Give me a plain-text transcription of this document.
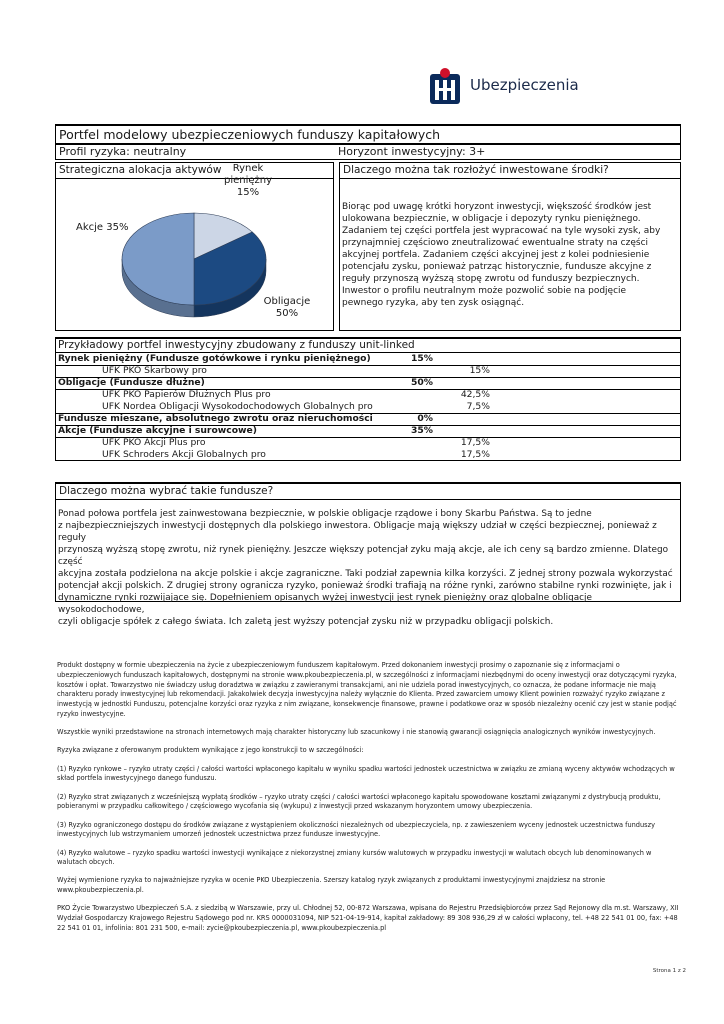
Ubezpieczenia
Portfel modelowy ubezpieczeniowych funduszy kapitałowych
Profil ryzyka: neutralny	Horyzont inwestycyjny: 3+
Strategiczna alokacja aktywów	Rynek
pieniężny
15%
Akcje 35%
Obligacje
50%
Dlaczego można tak rozłożyć inwestowane środki?
Biorąc pod uwagę krótki horyzont inwestycji, większość środków jest
ulokowana bezpiecznie, w obligacje i depozyty rynku pieniężnego.
Zadaniem tej części portfela jest wypracować na tyle wysoki zysk, aby
przynajmniej częściowo zneutralizować ewentualne straty na części
akcyjnej portfela. Zadaniem części akcyjnej jest z kolei podniesienie
potencjału zysku, ponieważ patrząc historycznie, fundusze akcyjne z
reguły przynoszą wyższą stopę zwrotu od funduszy bezpiecznych.
Inwestor o profilu neutralnym może pozwolić sobie na podjęcie
pewnego ryzyka, aby ten zysk osiągnąć.
Przykładowy portfel inwestycyjny zbudowany z funduszy unit-linked
Rynek pieniężny (Fundusze gotówkowe i rynku pieniężnego)	15%
UFK PKO Skarbowy pro	15%
Obligacje (Fundusze dłużne)	50%
UFK PKO Papierów Dłużnych Plus pro	42,5%
UFK Nordea Obligacji Wysokodochodowych Globalnych pro	7,5%
Fundusze mieszane, absolutnego zwrotu oraz nieruchomości	0%
Akcje (Fundusze akcyjne i surowcowe)	35%
UFK PKO Akcji Plus pro	17,5%
UFK Schroders Akcji Globalnych pro	17,5%
Dlaczego można wybrać takie fundusze?
Ponad połowa portfela jest zainwestowana bezpiecznie, w polskie obligacje rządowe i bony Skarbu Państwa. Są to jedne
z najbezpieczniejszych inwestycji dostępnych dla polskiego inwestora. Obligacje mają większy udział w części bezpiecznej, ponieważ z reguły
przynoszą wyższą stopę zwrotu, niż rynek pieniężny. Jeszcze większy potencjał zyku mają akcje, ale ich ceny są bardzo zmienne. Dlatego część
akcyjna została podzielona na akcje polskie i akcje zagraniczne. Taki podział zapewnia kilka korzyści. Z jednej strony pozwala wykorzystać
potencjał akcji polskich. Z drugiej strony ogranicza ryzyko, ponieważ środki trafiają na różne rynki, zarówno stabilne rynki rozwinięte, jak i
dynamiczne rynki rozwijające się. Dopełnieniem opisanych wyżej inwestycji jest rynek pieniężny oraz globalne obligacje wysokodochodowe,
czyli obligacje spółek z całego świata. Ich zaletą jest wyższy potencjał zysku niż w przypadku obligacji polskich.

Produkt dostępny w formie ubezpieczenia na życie z ubezpieczeniowym funduszem kapitałowym. Przed dokonaniem inwestycji prosimy o zapoznanie się z informacjami o ubezpieczeniowych funduszach kapitałowych, dostępnymi na stronie www.pkoubezpieczenia.pl, w szczególności z informacjami niezbędnymi do oceny inwestycji oraz dotyczącymi ryzyka, kosztów i opłat. Towarzystwo nie świadczy usług doradztwa w związku z zawieranymi transakcjami, ani nie udziela porad inwestycyjnych, co oznacza, że podane informacje nie mają charakteru porady inwestycyjnej lub rekomendacji. Jakakolwiek decyzja inwestycyjna należy wyłącznie do Klienta. Przed zawarciem umowy Klient powinien rozważyć ryzyko związane z inwestycją w jednostki Funduszu, potencjalne korzyści oraz ryzyka z nim związane, konsekwencje finansowe, prawne i podatkowe oraz w sposób niezależny ocenić czy jest w stanie podjąć ryzyko inwestycyjne.

Wszystkie wyniki przedstawione na stronach internetowych mają charakter historyczny lub szacunkowy i nie stanowią gwarancji osiągnięcia analogicznych wyników inwestycyjnych.

Ryzyka związane z oferowanym produktem wynikające z jego konstrukcji to w szczególności:

(1) Ryzyko rynkowe – ryzyko utraty części / całości wartości wpłaconego kapitału w wyniku spadku wartości jednostek uczestnictwa w związku ze zmianą wyceny aktywów wchodzących w skład portfela inwestycyjnego danego funduszu.

(2) Ryzyko strat związanych z wcześniejszą wypłatą środków – ryzyko utraty części / całości wartości wpłaconego kapitału spowodowane kosztami związanymi z dystrybucją produktu, pobieranymi w przypadku całkowitego / częściowego wycofania się (wykupu) z inwestycji przed wskazanym horyzontem umowy ubezpieczenia.

(3) Ryzyko ograniczonego dostępu do środków związane z wystąpieniem okoliczności niezależnych od ubezpieczyciela, np. z zawieszeniem wyceny jednostek uczestnictwa funduszy inwestycyjnych lub wstrzymaniem umorzeń jednostek uczestnictwa przez fundusze inwestycyjne.

(4) Ryzyko walutowe – ryzyko spadku wartości inwestycji wynikające z niekorzystnej zmiany kursów walutowych w przypadku inwestycji w walutach obcych lub denominowanych w walutach obcych.

Wyżej wymienione ryzyka to najważniejsze ryzyka w ocenie PKO Ubezpieczenia. Szerszy katalog ryzyk związanych z produktami inwestycyjnymi znajdziesz na stronie www.pkoubezpieczenia.pl.

PKO Życie Towarzystwo Ubezpieczeń S.A. z siedzibą w Warszawie, przy ul. Chłodnej 52, 00-872 Warszawa, wpisana do Rejestru Przedsiębiorców przez Sąd Rejonowy dla m.st. Warszawy, XII Wydział Gospodarczy Krajowego Rejestru Sądowego pod nr. KRS 0000031094, NIP 521-04-19-914, kapitał zakładowy: 89 308 936,29 zł w całości wpłacony, tel. +48 22 541 01 00, fax: +48 22 541 01 01, infolinia: 801 231 500, e-mail: zycie@pkoubezpieczenia.pl, www.pkoubezpieczenia.pl

Strona 1 z 2
